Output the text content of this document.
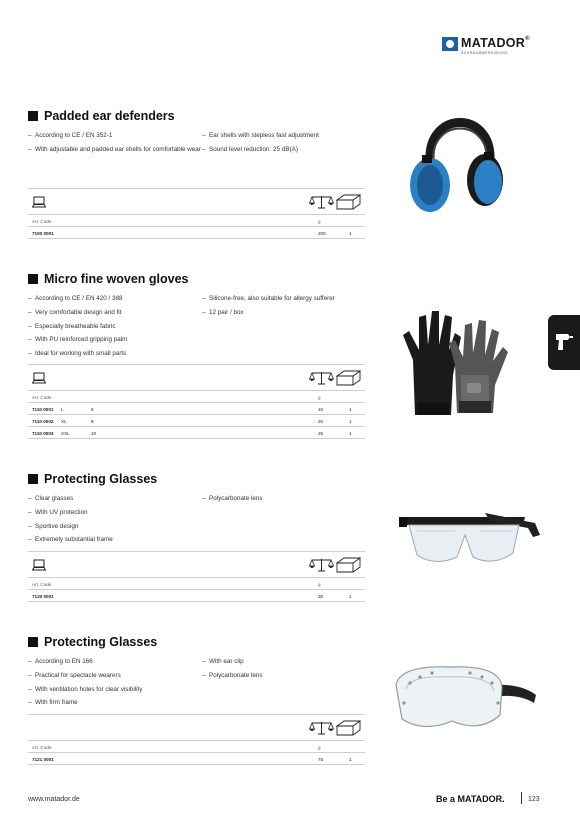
MATADOR®
SCHRAUBWERKZEUGE
Padded ear defenders
– According to CE / EN 352-1
– With adjustable and padded ear shells for comfortable wear
– Ear shells with stepless fast adjustment
– Sound level reduction: 25 dB(A)
Art. Code	g
7100 0001	200	1
Micro fine woven gloves
– According to CE / EN 420 / 388
– Very comfortable design and fit
– Especially breatheable fabric
– With PU reinforced gripping palm
– Ideal for working with small parts
– Silicone-free, also suitable for allergy sufferer
– 12 pair / box
Art. Code	g
7110 0001 L	8	10	1
7110 0002 XL	9	20	1
7110 0003 XXL	10	25	1
Protecting Glasses
– Clear glasses
– With UV protection
– Sportive design
– Extremely substantial frame
– Polycarbonate lens
Art. Code	g
7120 0001	30	1
Protecting Glasses
– According to EN 166
– Practical for spectacle wearers
– With ventilation holes for clear visibility
– With firm frame
– With ear clip
– Polycarbonate lens
Art. Code	g
7121 0001	75	1
www.matador.de	Be a MATADOR.	123
